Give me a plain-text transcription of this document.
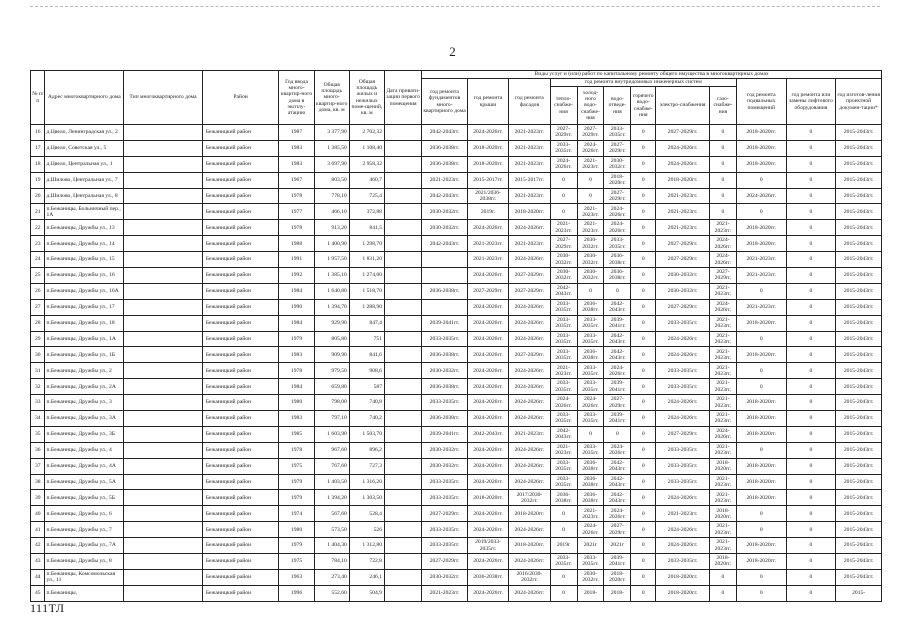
2
№ п/п	Адрес многоквартирного дома	Тип многоквартирного дома	Район	Год ввода много-квартир-ного дома в эксплу-атацию	Общая площадь много-квартир-ного дома, кв. м	Общая площадь жилых и нежилых поме-щений, кв. м	Дата привати-зации первого помещения	Виды услуг и (или) работ по капитальному ремонту общего имущества в многоквартирных домах											
								год ремонта фундаментов много-квартирного дома	год ремонта крыши	год ремонта фасадов	год ремонта внутридомовых инженерных систем						год ремонта подвальных помещений	год ремонта или замены лифтового оборудования	год изготов-ления проектной докумен-тации*
											тепло-снабже-ния	холод-ного водо-снабже-ния	водо-отведе-ния	горячего водо-снабже-ния	электро-снабжения	газо-снабже-ния			
16	д.Цвело, Ленинградская ул., 2		Бежаницкий район	1987	3 377,90	2 702,32		2042-2043гг.	2024-2026гг.	2021-2023гг.	2027-2029гг.	2027-2029гг.	2033-2035гг.	0	2027-2029гг.	0	2018-2020гг.	0	2015-2043гг.
17	д.Цвело, Советская ул., 5		Бежаницкий район	1983	1 385,50	1 108,40		2036-2038гг.	2018-2020гг.	2021-2023гг.	2033-2035гг.	2024-2026гг.	2027-2029гг.	0	2024-2026гг.	0	2018-2020гг.	0	2015-2043гг.
18	д.Цвело, Центральная ул., 1		Бежаницкий район	1983	3 697,90	2 958,32		2036-2038гг.	2018-2020гг.	2021-2023гг.	2024-2026гг.	2021-2023гг.	2030-2032гг.	0	2024-2026гг.	0	2018-2020гг.	0	2015-2043гг.
19	д.Шилово, Центральная ул., 7		Бежаницкий район	1967	803,50	460,7		2021-2023гг.	2015-2017гг.	2015-2017гг.	0	0	2018-2020гг.	0	2018-2020гг.	0	0	0	2015-2043гг.
20	д.Шилово, Центральная ул., 8		Бежаницкий район	1978	778,10	725,4		2042-2043гг.	2021/2036-2038гг.	2021-2023гг.	0	0	2027-2029гг.	0	2021-2023гг.	0	2024-2026гг.	0	2015-2043гг.
21	п.Бежаницы, Больничный пер., 1А		Бежаницкий район	1977	466,10	372,88		2030-2032гг.	2019г.	2018-2020гг.	0	2021-2023гг.	2024-2026гг.	0	2021-2023гг.	0	0	0	2015-2043гг.
22	п.Бежаницы, Дружбы ул., 13		Бежаницкий район	1978	913,20	841,5		2030-2032гг.	2024-2026гг.	2024-2026гг.	2021-2023гг.	2021-2023гг.	2024-2026гг.	0	2021-2023гг.	2021-2023гг.	2018-2020гг.	0	2015-2043гг.
23	п.Бежаницы, Дружбы ул., 14		Бежаницкий район	1988	1 400,90	1 298,70		2042-2043гг.	2021-2023гг.	2021-2023гг.	2027-2029гг.	2030-2032гг.	2033-2035гг.	0	2027-2029гг.	2024-2026гг.	2018-2020гг.	0	2015-2043гг.
24	п.Бежаницы, Дружбы ул., 15		Бежаницкий район	1991	1 957,50	1 831,20			2021-2023гг.	2024-2026гг.	2030-2032гг.	2030-2032гг.	2036-2038гг.	0	2027-2029гг.	2024-2026гг.	2021-2023гг.	0	2015-2043гг.
25	п.Бежаницы, Дружбы ул., 16		Бежаницкий район	1992	1 385,10	1 274,00			2024-2026гг.	2027-2029гг.	2030-2032гг.	2030-2032гг.	2036-2038гг.	0	2030-2032гг.	2027-2029гг.	2021-2023гг.	0	2015-2043гг.
26	п.Бежаницы, Дружбы ул., 16А		Бежаницкий район	1984	1 640,80	1 518,70		2036-2038гг.	2027-2029гг.	2027-2029гг.	2042-2043гг.	0	0	0	2030-2032гг.	2021-2023гг.	0	0	2015-2043гг.
27	п.Бежаницы, Дружбы ул., 17		Бежаницкий район	1990	1 394,70	1 288,90			2024-2026гг.	2024-2026гг.	2033-2035гг.	2036-2038гг.	2042-2043гг.	0	2027-2029гг.	2024-2026гг.	2021-2023гг.	0	2015-2043гг.
28	п.Бежаницы, Дружбы ул., 18		Бежаницкий район	1984	929,90	847,4		2039-2041гг.	2024-2026гг.	2024-2026гг.	2033-2035гг.	2033-2035гг.	2039-2041гг.	0	2033-2035гг.	2021-2023гг.	2018-2020гг.	0	2015-2043гг.
29	п.Бежаницы, Дружбы ул., 1А		Бежаницкий район	1979	805,80	751		2033-2035гг.	2024-2026гг.	2024-2026гг.	2033-2035гг.	2033-2035гг.	2042-2043гг.	0	2024-2026гг.	2021-2023гг.	0	0	2015-2043гг.
30	п.Бежаницы, Дружбы ул., 1Б		Бежаницкий район	1983	909,90	841,6		2036-2038гг.	2024-2026гг.	2027-2029гг.	2033-2035гг.	2036-2038гг.	2042-2043гг.	0	2024-2026гг.	2021-2023гг.	2018-2020гг.	0	2015-2043гг.
31	п.Бежаницы, Дружбы ул., 2		Бежаницкий район	1978	979,50	908,6		2030-2032гг.	2024-2026гг.	2024-2026гг.	2021-2023гг.	2033-2035гг.	2024-2026гг.	0	2033-2035гг.	2021-2023гг.	0	0	2015-2043гг.
32	п.Бежаницы, Дружбы ул., 2А		Бежаницкий район	1984	659,80	587		2036-2038гг.	2024-2026гг.	2024-2026гг.	2033-2035гг.	2033-2035гг.	2039-2041гг.	0	2033-2035гг.	2021-2023гг.	0	0	2015-2043гг.
33	п.Бежаницы, Дружбы ул., 3		Бежаницкий район	1980	798,00	740,8		2033-2035гг.	2024-2026гг.	2024-2026гг.	2024-2026гг.	2024-2026гг.	2027-2029гг.	0	2024-2026гг.	2021-2023гг.	2018-2020гг.	0	2015-2043гг.
34	п.Бежаницы, Дружбы ул., 3А		Бежаницкий район	1983	797,10	740,2		2036-2038гг.	2024-2026гг.	2024-2026гг.	2033-2035гг.	2033-2035гг.	2039-2041гг.	0	2024-2026гг.	2021-2023гг.	2018-2020гг.	0	2015-2043гг.
35	п.Бежаницы, Дружбы ул., 3Б		Бежаницкий район	1985	1 603,90	1 503,70		2039-2041гг.	2042-2043гг.	2021-2023гг.	2042-2043гг.	0	0	0	2027-2029гг.	2024-2026гг.	2018-2020гг.	0	2015-2043гг.
36	п.Бежаницы, Дружбы ул., 4		Бежаницкий район	1978	967,60	896,2		2030-2032гг.	2024-2026гг.	2024-2026гг.	2021-2023гг.	2033-2035гг.	2024-2026гг.	0	2033-2035гг.	2021-2023гг.	0	0	2015-2043гг.
37	п.Бежаницы, Дружбы ул., 4А		Бежаницкий район	1975	767,60	727,3		2030-2032гг.	2024-2026гг.	2024-2026гг.	2033-2035гг.	2036-2038гг.	2042-2043гг.	0	2033-2035гг.	2018-2020гг.	2018-2020гг.	0	2015-2043гг.
38	п.Бежаницы, Дружбы ул., 5А		Бежаницкий район	1979	1 403,50	1 316,20		2033-2035гг.	2024-2026гг.	2024-2026гг.	2033-2035гг.	2036-2038гг.	2042-2043гг.	0	2033-2035гг.	2021-2023гг.	2018-2020гг.	0	2015-2043гг.
39	п.Бежаницы, Дружбы ул., 5Б		Бежаницкий район	1979	1 394,20	1 303,50		2033-2035гг.	2018-2020гг.	2017/2030-2032гг.	2036-2038гг.	2036-2038гг.	2042-2043гг.	0	2024-2026гг.	2021-2023гг.	2018-2020гг.	0	2015-2043гг.
40	п.Бежаницы, Дружбы ул., 6		Бежаницкий район	1974	567,60	528,4		2027-2029гг.	2024-2026гг.	2018-2020гг.	0	2021-2023гг.	2024-2026гг.	0	2021-2023гг.	2018-2020гг.	0	0	2015-2043гг.
41	п.Бежаницы, Дружбы ул., 7		Бежаницкий район	1980	573,50	526		2033-2035гг.	2024-2026гг.	2024-2026гг.	0	2024-2026гг.	2027-2029гг.	0	2024-2026гг.	2021-2023гг.	0	0	2015-2043гг.
42	п.Бежаницы, Дружбы ул., 7А		Бежаницкий район	1979	1 404,30	1 312,80		2033-2035гг.	2019/2033-2035гг.	2018-2020гг.	2019г	2021г	2021г	0	2024-2026гг.	2021-2023гг.	2018-2020гг.	0	2015-2043гг.
43	п.Бежаницы, Дружбы ул., 8		Бежаницкий район	1975	784,10	722,8		2027-2029гг.	2024-2026гг.	2024-2026гг.	2033-2035гг.	2033-2035гг.	2039-2041гг.	0	2033-2035гг.	2018-2020гг.	2018-2020гг.	0	2015-2043гг.
44	п.Бежаницы, Комсомольская ул., 11		Бежаницкий район	1963	273,40	246,1		2030-2032гг.	2036-2038гг.	2016/2030-2032гг.	0	2030-2032гг.	2018-2020гг.	0	2018-2020гг.	0	0	0	2015-2043гг.
45	п.Бежаницы,		Бежаницкий район	1996	552,60	504,9		2021-2023гг.	2024-2026гг.	2024-2026гг.	0	2018-	2018-	0	2018-2020гг.	0	0	0	2015-
111ТЛ
